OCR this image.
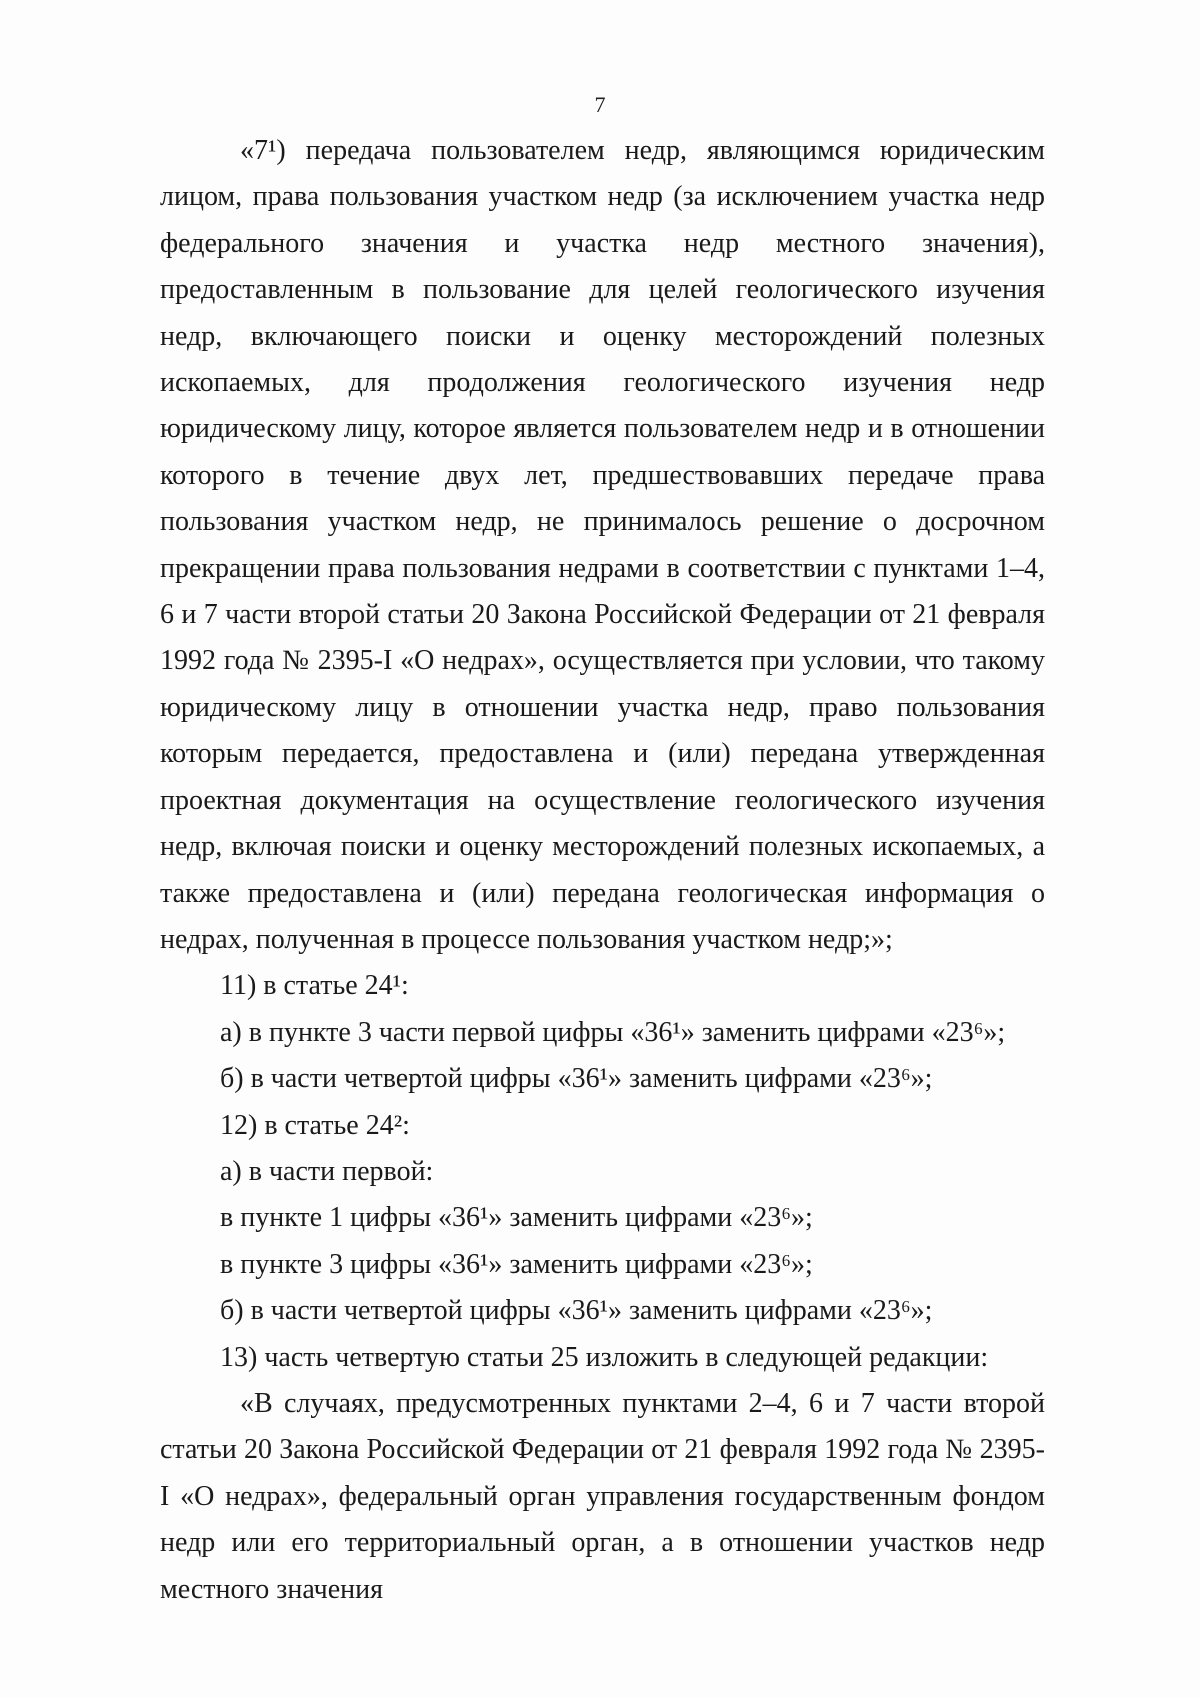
7

«7¹) передача пользователем недр, являющимся юридическим лицом, права пользования участком недр (за исключением участка недр федерального значения и участка недр местного значения), предоставленным в пользование для целей геологического изучения недр, включающего поиски и оценку месторождений полезных ископаемых, для продолжения геологического изучения недр юридическому лицу, которое является пользователем недр и в отношении которого в течение двух лет, предшествовавших передаче права пользования участком недр, не принималось решение о досрочном прекращении права пользования недрами в соответствии с пунктами 1–4, 6 и 7 части второй статьи 20 Закона Российской Федерации от 21 февраля 1992 года № 2395-I «О недрах», осуществляется при условии, что такому юридическому лицу в отношении участка недр, право пользования которым передается, предоставлена и (или) передана утвержденная проектная документация на осуществление геологического изучения недр, включая поиски и оценку месторождений полезных ископаемых, а также предоставлена и (или) передана геологическая информация о недрах, полученная в процессе пользования участком недр;»;

11) в статье 24¹:

а) в пункте 3 части первой цифры «36¹» заменить цифрами «23⁶»;

б) в части четвертой цифры «36¹» заменить цифрами «23⁶»;

12) в статье 24²:

а) в части первой:

в пункте 1 цифры «36¹» заменить цифрами «23⁶»;

в пункте 3 цифры «36¹» заменить цифрами «23⁶»;

б) в части четвертой цифры «36¹» заменить цифрами «23⁶»;

13) часть четвертую статьи 25 изложить в следующей редакции:

«В случаях, предусмотренных пунктами 2–4, 6 и 7 части второй статьи 20 Закона Российской Федерации от 21 февраля 1992 года № 2395-I «О недрах», федеральный орган управления государственным фондом недр или его территориальный орган, а в отношении участков недр местного значения
